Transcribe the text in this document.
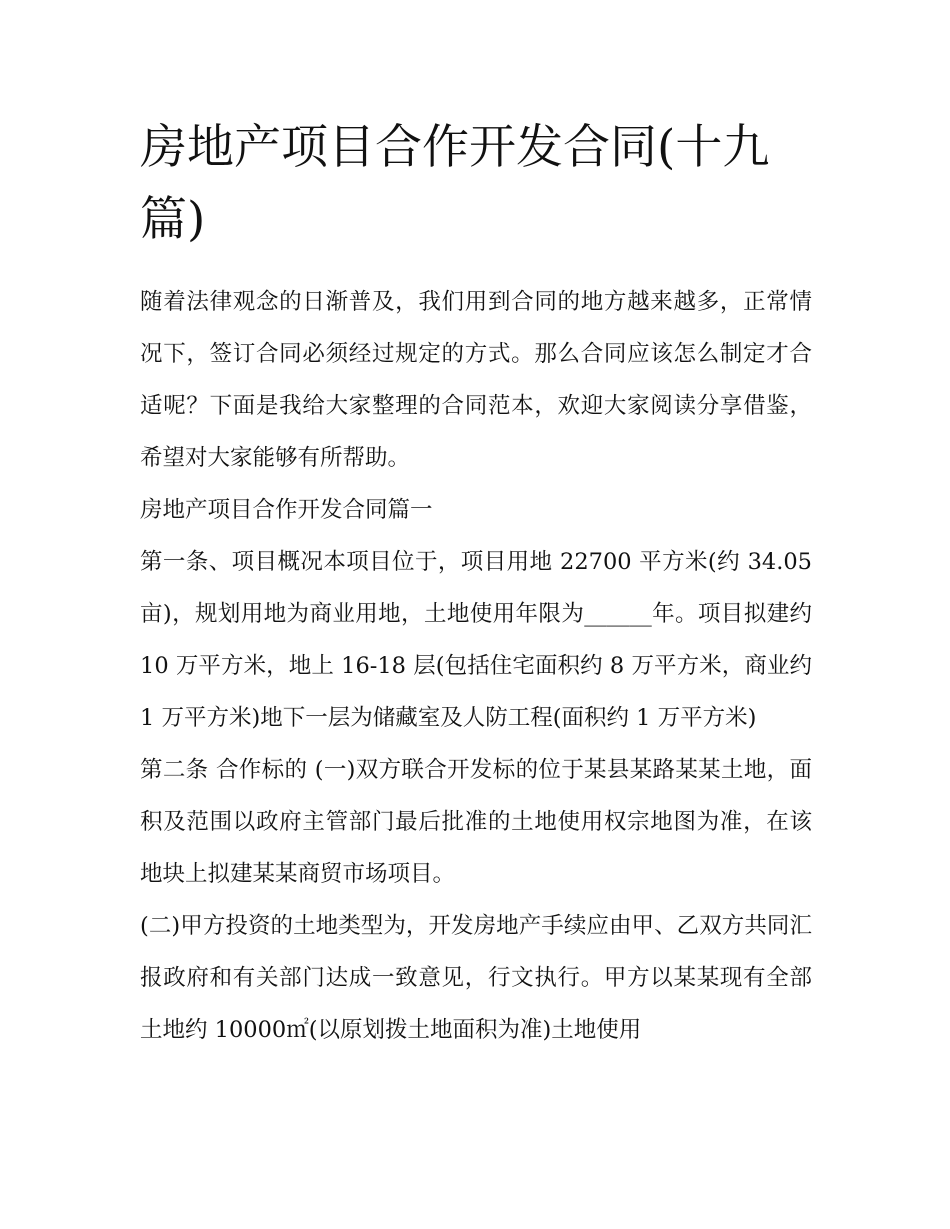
房地产项目合作开发合同(十九篇)

随着法律观念的日渐普及，我们用到合同的地方越来越多，正常情况下，签订合同必须经过规定的方式。那么合同应该怎么制定才合适呢？下面是我给大家整理的合同范本，欢迎大家阅读分享借鉴，希望对大家能够有所帮助。

房地产项目合作开发合同篇一

第一条、项目概况本项目位于，项目用地 22700 平方米(约 34.05 亩)，规划用地为商业用地，土地使用年限为______年。项目拟建约 10 万平方米，地上 16-18 层(包括住宅面积约 8 万平方米，商业约 1 万平方米)地下一层为储藏室及人防工程(面积约 1 万平方米)

第二条 合作标的 (一)双方联合开发标的位于某县某路某某土地，面积及范围以政府主管部门最后批准的土地使用权宗地图为准，在该地块上拟建某某商贸市场项目。

(二)甲方投资的土地类型为，开发房地产手续应由甲、乙双方共同汇报政府和有关部门达成一致意见，行文执行。甲方以某某现有全部土地约 10000㎡(以原划拨土地面积为准)土地使用
